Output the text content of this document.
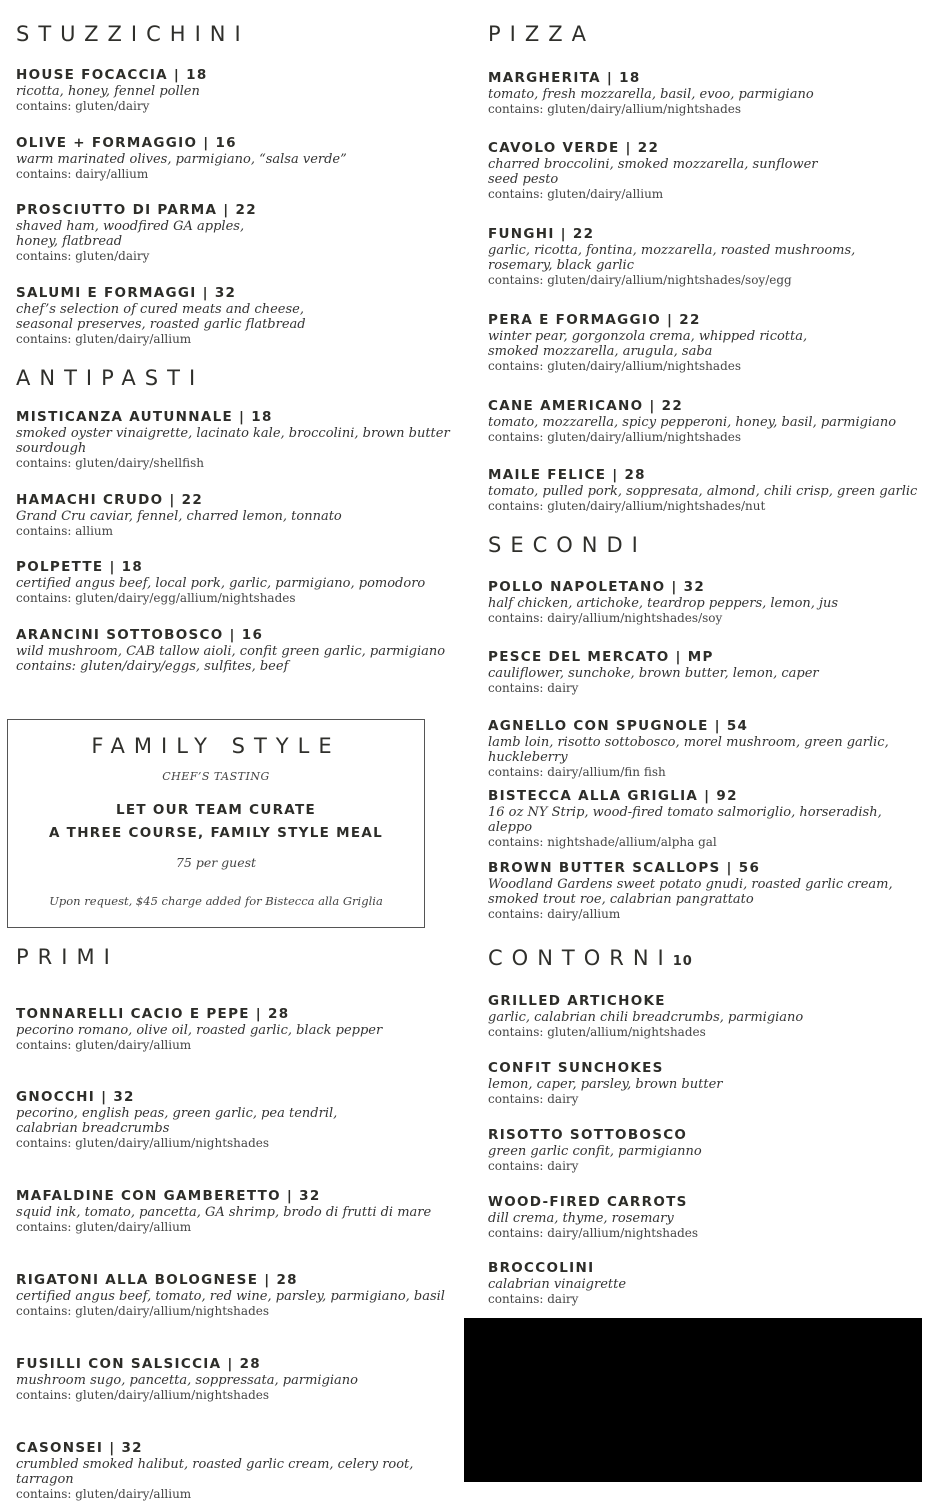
STUZZICHINI
ANTIPASTI
FAMILY STYLE
CHEF’S TASTING
LET OUR TEAM CURATE
A THREE COURSE, FAMILY STYLE MEAL
75 per guest
Upon request, $45 charge added for Bistecca alla Griglia
PRIMI
PIZZA
SECONDI
CONTORNI10
HOUSE FOCACCIA | 18
ricotta, honey, fennel pollen
contains: gluten/dairy
OLIVE + FORMAGGIO | 16
warm marinated olives, parmigiano, “salsa verde”
contains: dairy/allium
PROSCIUTTO DI PARMA | 22
shaved ham, woodfired GA apples,
honey, flatbread
contains: gluten/dairy
SALUMI E FORMAGGI | 32
chef’s selection of cured meats and cheese,
seasonal preserves, roasted garlic flatbread
contains: gluten/dairy/allium
MISTICANZA AUTUNNALE | 18
smoked oyster vinaigrette, lacinato kale, broccolini, brown butter
sourdough
contains: gluten/dairy/shellfish
HAMACHI CRUDO | 22
Grand Cru caviar, fennel, charred lemon, tonnato
contains: allium
POLPETTE | 18
certified angus beef, local pork, garlic, parmigiano, pomodoro
contains: gluten/dairy/egg/allium/nightshades
ARANCINI SOTTOBOSCO | 16
wild mushroom, CAB tallow aioli, confit green garlic, parmigiano
contains: gluten/dairy/eggs, sulfites, beef
TONNARELLI CACIO E PEPE | 28
pecorino romano, olive oil, roasted garlic, black pepper
contains: gluten/dairy/allium
GNOCCHI | 32
pecorino, english peas, green garlic, pea tendril,
calabrian breadcrumbs
contains: gluten/dairy/allium/nightshades
MAFALDINE CON GAMBERETTO | 32
squid ink, tomato, pancetta, GA shrimp, brodo di frutti di mare
contains: gluten/dairy/allium
RIGATONI ALLA BOLOGNESE | 28
certified angus beef, tomato, red wine, parsley, parmigiano, basil
contains: gluten/dairy/allium/nightshades
FUSILLI CON SALSICCIA | 28
mushroom sugo, pancetta, soppressata, parmigiano
contains: gluten/dairy/allium/nightshades
CASONSEI | 32
crumbled smoked halibut, roasted garlic cream, celery root, tarragon
contains: gluten/dairy/allium
MARGHERITA | 18
tomato, fresh mozzarella, basil, evoo, parmigiano
contains: gluten/dairy/allium/nightshades
CAVOLO VERDE | 22
charred broccolini, smoked mozzarella, sunflower
seed pesto
contains: gluten/dairy/allium
FUNGHI | 22
garlic, ricotta, fontina, mozzarella, roasted mushrooms,
rosemary, black garlic
contains: gluten/dairy/allium/nightshades/soy/egg
PERA E FORMAGGIO | 22
winter pear, gorgonzola crema, whipped ricotta,
smoked mozzarella, arugula, saba
contains: gluten/dairy/allium/nightshades
CANE AMERICANO | 22
tomato, mozzarella, spicy pepperoni, honey, basil, parmigiano
contains: gluten/dairy/allium/nightshades
MAILE FELICE | 28
tomato, pulled pork, soppresata, almond, chili crisp, green garlic
contains: gluten/dairy/allium/nightshades/nut
POLLO NAPOLETANO | 32
half chicken, artichoke, teardrop peppers, lemon, jus
contains: dairy/allium/nightshades/soy
PESCE DEL MERCATO | MP
cauliflower, sunchoke, brown butter, lemon, caper
contains: dairy
AGNELLO CON SPUGNOLE | 54
lamb loin, risotto sottobosco, morel mushroom, green garlic, huckleberry
contains: dairy/allium/fin fish
BISTECCA ALLA GRIGLIA | 92
16 oz NY Strip, wood-fired tomato salmoriglio, horseradish, aleppo
contains: nightshade/allium/alpha gal
BROWN BUTTER SCALLOPS | 56
Woodland Gardens sweet potato gnudi, roasted garlic cream,
smoked trout roe, calabrian pangrattato
contains: dairy/allium
GRILLED ARTICHOKE
garlic, calabrian chili breadcrumbs, parmigiano
contains: gluten/allium/nightshades
CONFIT SUNCHOKES
lemon, caper, parsley, brown butter
contains: dairy
RISOTTO SOTTOBOSCO
green garlic confit, parmigianno
contains: dairy
WOOD-FIRED CARROTS
dill crema, thyme, rosemary
contains: dairy/allium/nightshades
BROCCOLINI
calabrian vinaigrette
contains: dairy
